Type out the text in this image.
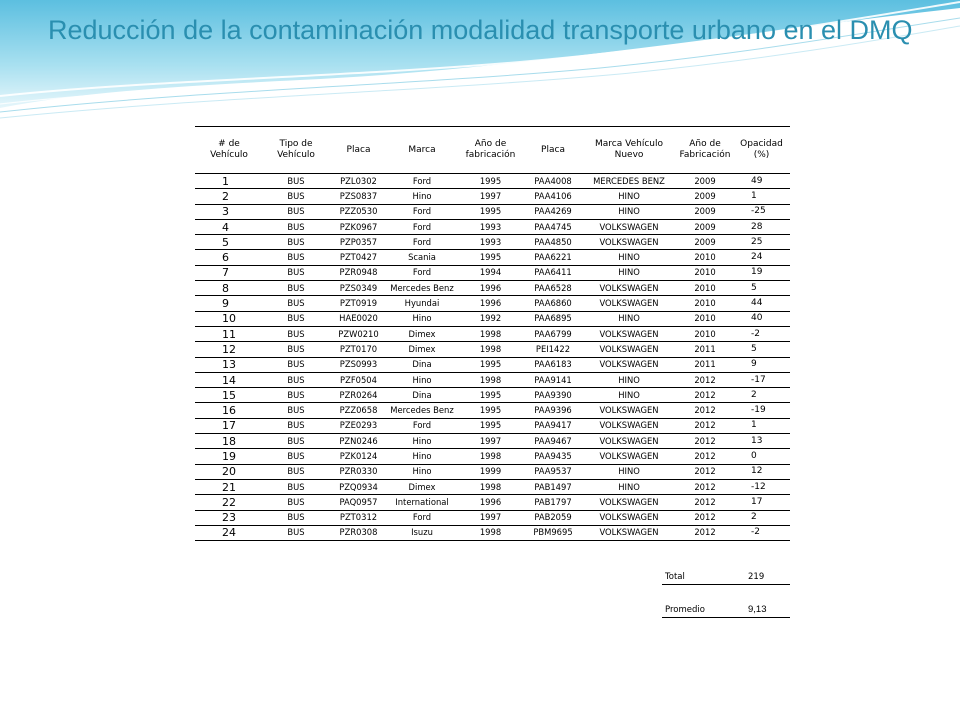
Reducción de la contaminación modalidad transporte urbano en el DMQ
# de Vehículo	Tipo de Vehículo	Placa	Marca	Año de fabricación	Placa	Marca Vehículo Nuevo	Año de Fabricación	Opacidad (%)
1	BUS	PZL0302	Ford	1995	PAA4008	MERCEDES BENZ	2009	49
2	BUS	PZS0837	Hino	1997	PAA4106	HINO	2009	1
3	BUS	PZZ0530	Ford	1995	PAA4269	HINO	2009	-25
4	BUS	PZK0967	Ford	1993	PAA4745	VOLKSWAGEN	2009	28
5	BUS	PZP0357	Ford	1993	PAA4850	VOLKSWAGEN	2009	25
6	BUS	PZT0427	Scania	1995	PAA6221	HINO	2010	24
7	BUS	PZR0948	Ford	1994	PAA6411	HINO	2010	19
8	BUS	PZS0349	Mercedes Benz	1996	PAA6528	VOLKSWAGEN	2010	5
9	BUS	PZT0919	Hyundai	1996	PAA6860	VOLKSWAGEN	2010	44
10	BUS	HAE0020	Hino	1992	PAA6895	HINO	2010	40
11	BUS	PZW0210	Dimex	1998	PAA6799	VOLKSWAGEN	2010	-2
12	BUS	PZT0170	Dimex	1998	PEI1422	VOLKSWAGEN	2011	5
13	BUS	PZS0993	Dina	1995	PAA6183	VOLKSWAGEN	2011	9
14	BUS	PZF0504	Hino	1998	PAA9141	HINO	2012	-17
15	BUS	PZR0264	Dina	1995	PAA9390	HINO	2012	2
16	BUS	PZZ0658	Mercedes Benz	1995	PAA9396	VOLKSWAGEN	2012	-19
17	BUS	PZE0293	Ford	1995	PAA9417	VOLKSWAGEN	2012	1
18	BUS	PZN0246	Hino	1997	PAA9467	VOLKSWAGEN	2012	13
19	BUS	PZK0124	Hino	1998	PAA9435	VOLKSWAGEN	2012	0
20	BUS	PZR0330	Hino	1999	PAA9537	HINO	2012	12
21	BUS	PZQ0934	Dimex	1998	PAB1497	HINO	2012	-12
22	BUS	PAQ0957	International	1996	PAB1797	VOLKSWAGEN	2012	17
23	BUS	PZT0312	Ford	1997	PAB2059	VOLKSWAGEN	2012	2
24	BUS	PZR0308	Isuzu	1998	PBM9695	VOLKSWAGEN	2012	-2
Total	219
Promedio	9,13
